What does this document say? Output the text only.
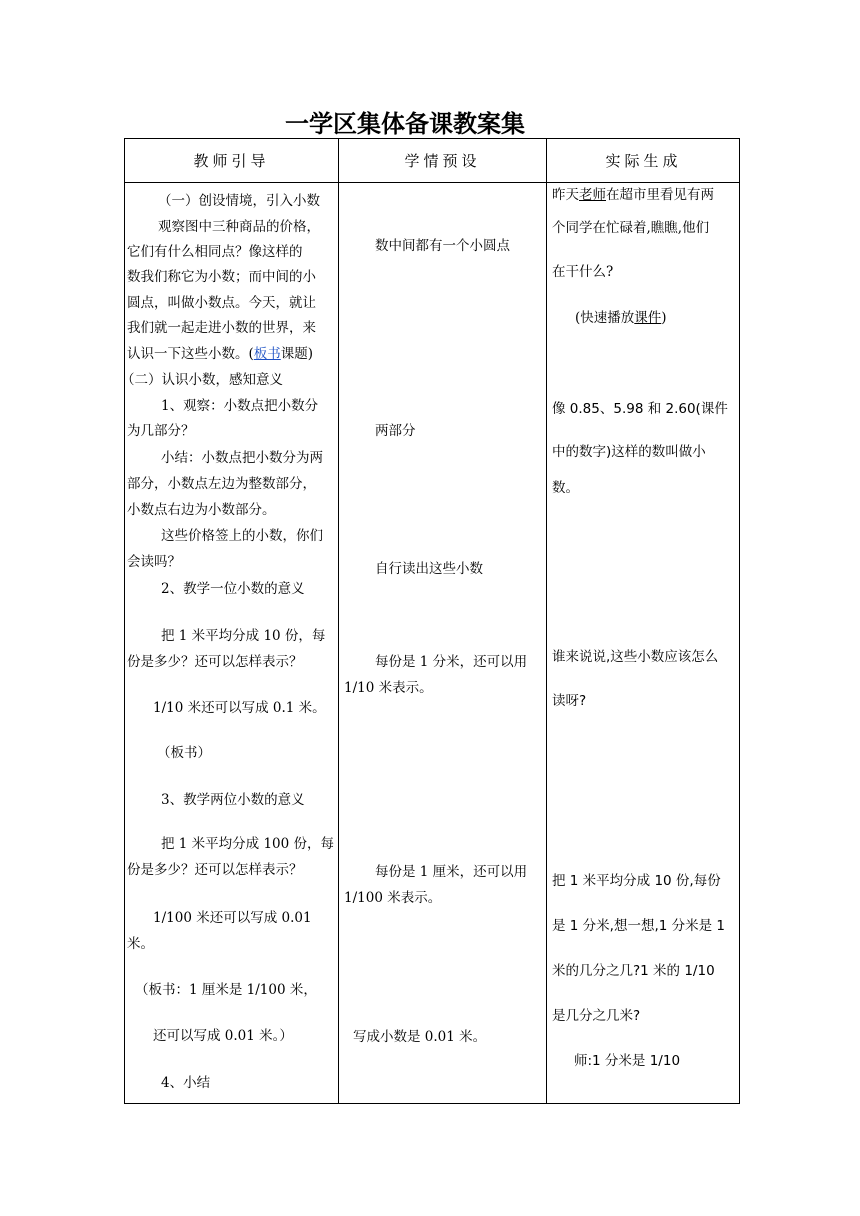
一学区集体备课教案集
教师引导	学情预设	实际生成
（一）创设情境，引入小数
观察图中三种商品的价格，
它们有什么相同点？像这样的
数我们称它为小数；而中间的小
圆点，叫做小数点。今天，就让
我们就一起走进小数的世界，来
认识一下这些小数。(板书课题)
（二）认识小数，感知意义
1、观察：小数点把小数分
为几部分？
小结：小数点把小数分为两
部分，小数点左边为整数部分，
小数点右边为小数部分。
这些价格签上的小数，你们
会读吗？
2、教学一位小数的意义
把 1 米平均分成 10 份，每
份是多少？还可以怎样表示？
1/10 米还可以写成 0.1 米。
（板书）
3、教学两位小数的意义
把 1 米平均分成 100 份，每
份是多少？还可以怎样表示？
1/100 米还可以写成 0.01
米。
（板书：1 厘米是 1/100 米，
还可以写成 0.01 米。）
4、小结
数中间都有一个小圆点
两部分
自行读出这些小数
每份是 1 分米，还可以用
1/10 米表示。
每份是 1 厘米，还可以用
1/100 米表示。
写成小数是 0.01 米。
昨天老师在超市里看见有两
个同学在忙碌着,瞧瞧,他们
在干什么?
(快速播放课件)
像 0.85、5.98 和 2.60(课件
中的数字)这样的数叫做小
数。
谁来说说,这些小数应该怎么
读呀?
把 1 米平均分成 10 份,每份
是 1 分米,想一想,1 分米是 1
米的几分之几?1 米的 1/10
是几分之几米?
师:1 分米是 1/10
